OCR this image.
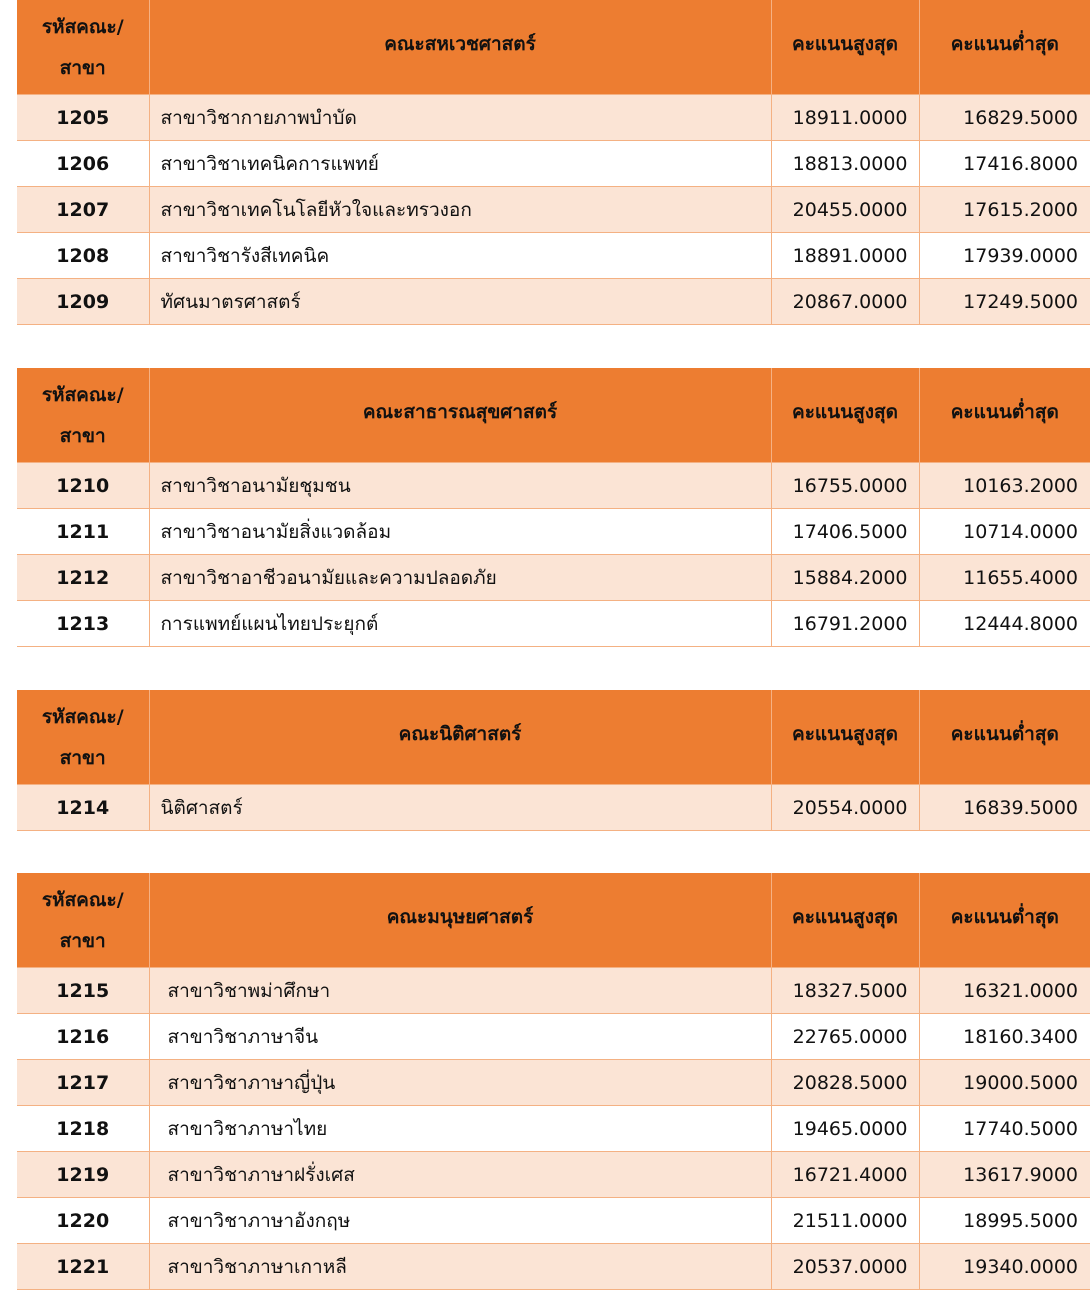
รหัสคณะ/
สาขา	คณะสหเวชศาสตร์	คะแนนสูงสุด	คะแนนต่ำสุด
1205	สาขาวิชากายภาพบำบัด	18911.0000	16829.5000
1206	สาขาวิชาเทคนิคการแพทย์	18813.0000	17416.8000
1207	สาขาวิชาเทคโนโลยีหัวใจและทรวงอก	20455.0000	17615.2000
1208	สาขาวิชารังสีเทคนิค	18891.0000	17939.0000
1209	ทัศนมาตรศาสตร์	20867.0000	17249.5000
รหัสคณะ/
สาขา	คณะสาธารณสุขศาสตร์	คะแนนสูงสุด	คะแนนต่ำสุด
1210	สาขาวิชาอนามัยชุมชน	16755.0000	10163.2000
1211	สาขาวิชาอนามัยสิ่งแวดล้อม	17406.5000	10714.0000
1212	สาขาวิชาอาชีวอนามัยและความปลอดภัย	15884.2000	11655.4000
1213	การแพทย์แผนไทยประยุกต์	16791.2000	12444.8000
รหัสคณะ/
สาขา	คณะนิติศาสตร์	คะแนนสูงสุด	คะแนนต่ำสุด
1214	นิติศาสตร์	20554.0000	16839.5000
รหัสคณะ/
สาขา	คณะมนุษยศาสตร์	คะแนนสูงสุด	คะแนนต่ำสุด
1215	สาขาวิชาพม่าศึกษา	18327.5000	16321.0000
1216	สาขาวิชาภาษาจีน	22765.0000	18160.3400
1217	สาขาวิชาภาษาญี่ปุ่น	20828.5000	19000.5000
1218	สาขาวิชาภาษาไทย	19465.0000	17740.5000
1219	สาขาวิชาภาษาฝรั่งเศส	16721.4000	13617.9000
1220	สาขาวิชาภาษาอังกฤษ	21511.0000	18995.5000
1221	สาขาวิชาภาษาเกาหลี	20537.0000	19340.0000
